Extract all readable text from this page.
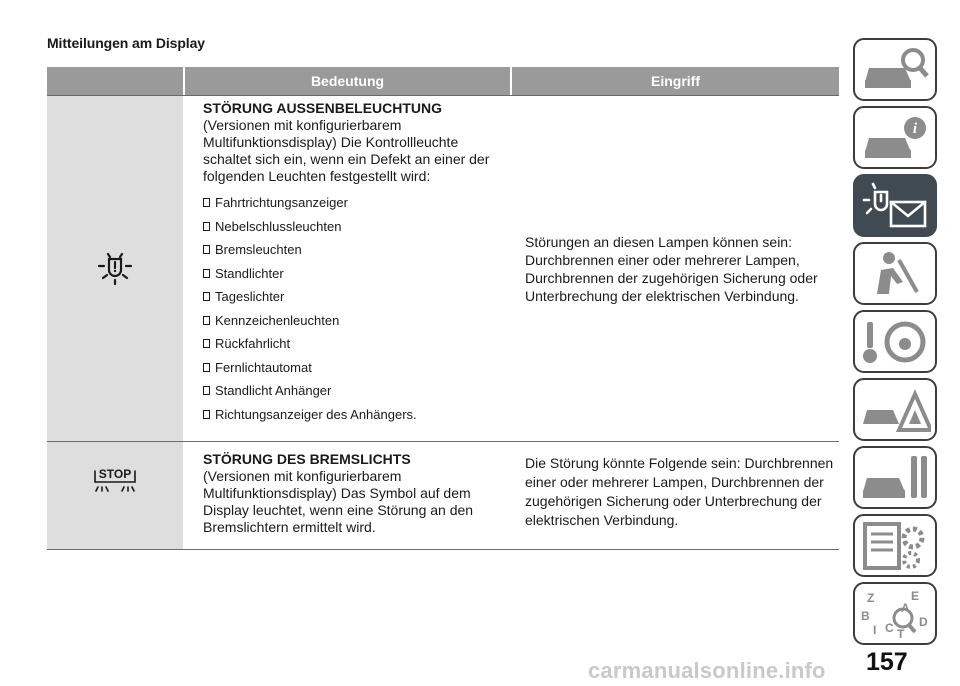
Mitteilungen am Display
Bedeutung	Eingriff
STÖRUNG AUSSENBELEUCHTUNG
(Versionen mit konfigurierbarem Multifunktionsdisplay) Die Kontrollleuchte schaltet sich ein, wenn ein Defekt an einer der folgenden Leuchten festgestellt wird:
Fahrtrichtungsanzeiger
Nebelschlussleuchten
Bremsleuchten
Standlichter
Tageslichter
Kennzeichenleuchten
Rückfahrlicht
Fernlichtautomat
Standlicht Anhänger
Richtungsanzeiger des Anhängers.
Störungen an diesen Lampen können sein: Durchbrennen einer oder mehrerer Lampen, Durchbrennen der zugehörigen Sicherung oder Unterbrechung der elektrischen Verbindung.
STOP
STÖRUNG DES BREMSLICHTS
(Versionen mit konfigurierbarem Multifunktionsdisplay) Das Symbol auf dem Display leuchtet, wenn eine Störung an den Bremslichtern ermittelt wird.
Die Störung könnte Folgende sein: Durchbrennen einer oder mehrerer Lampen, Durchbrennen der zugehörigen Sicherung oder Unterbrechung der elektrischen Verbindung.
i
Z	E
B
A
D
I C T
carmanualsonline.info 157
